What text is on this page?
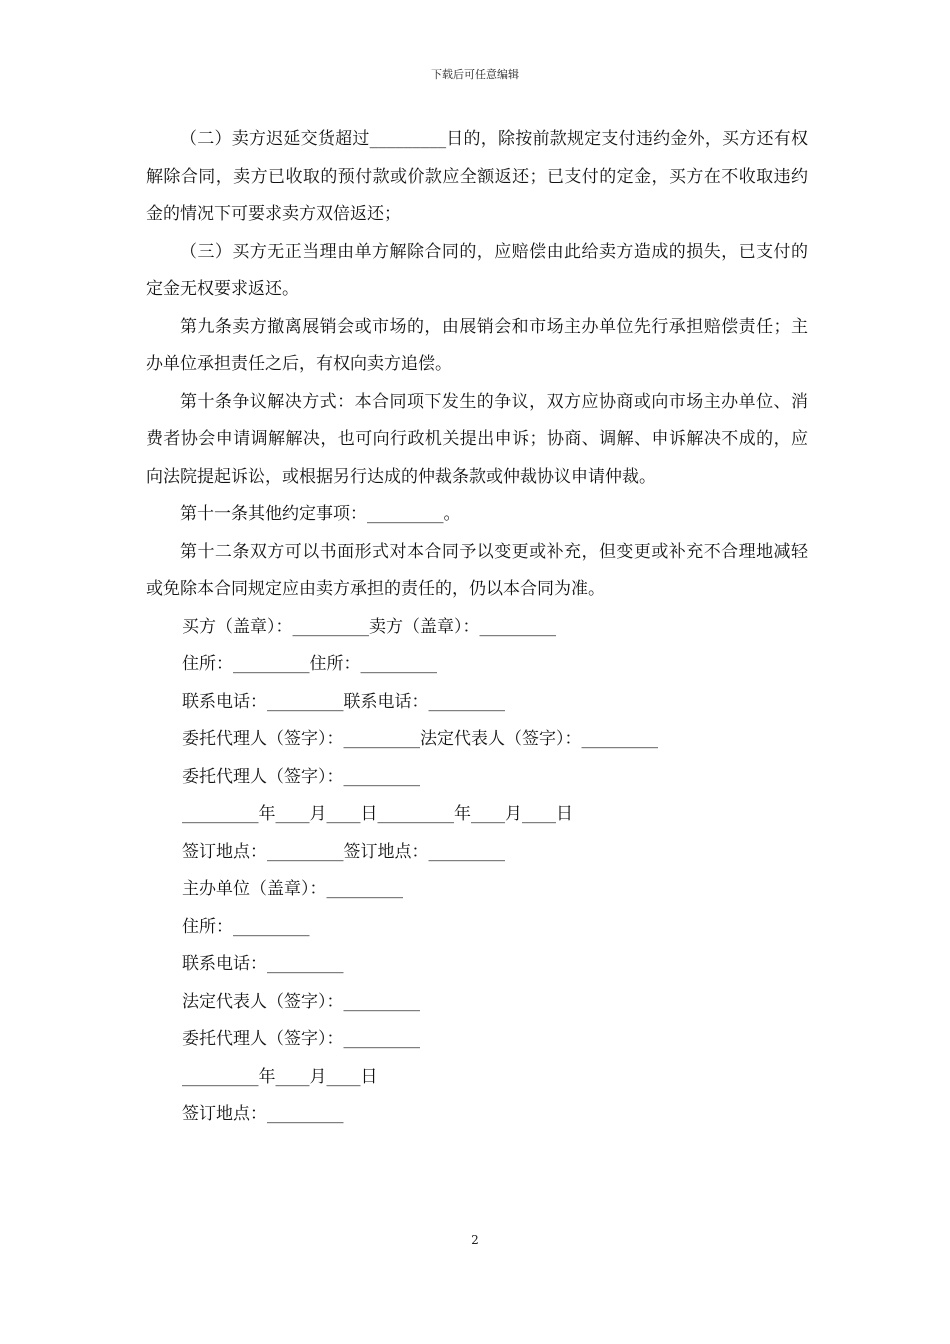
下载后可任意编辑

（二）卖方迟延交货超过_________日的，除按前款规定支付违约金外，买方还有权解除合同，卖方已收取的预付款或价款应全额返还；已支付的定金，买方在不收取违约金的情况下可要求卖方双倍返还；

（三）买方无正当理由单方解除合同的，应赔偿由此给卖方造成的损失，已支付的定金无权要求返还。

第九条卖方撤离展销会或市场的，由展销会和市场主办单位先行承担赔偿责任；主办单位承担责任之后，有权向卖方追偿。

第十条争议解决方式：本合同项下发生的争议，双方应协商或向市场主办单位、消费者协会申请调解解决，也可向行政机关提出申诉；协商、调解、申诉解决不成的，应向法院提起诉讼，或根据另行达成的仲裁条款或仲裁协议申请仲裁。

第十一条其他约定事项：_________。

第十二条双方可以书面形式对本合同予以变更或补充，但变更或补充不合理地减轻或免除本合同规定应由卖方承担的责任的，仍以本合同为准。

买方（盖章）：_________卖方（盖章）：_________

住所：_________住所：_________

联系电话：_________联系电话：_________

委托代理人（签字）：_________法定代表人（签字）：_________

委托代理人（签字）：_________

_________年____月____日_________年____月____日

签订地点：_________签订地点：_________

主办单位（盖章）：_________

住所：_________

联系电话：_________

法定代表人（签字）：_________

委托代理人（签字）：_________

_________年____月____日

签订地点：_________

2
